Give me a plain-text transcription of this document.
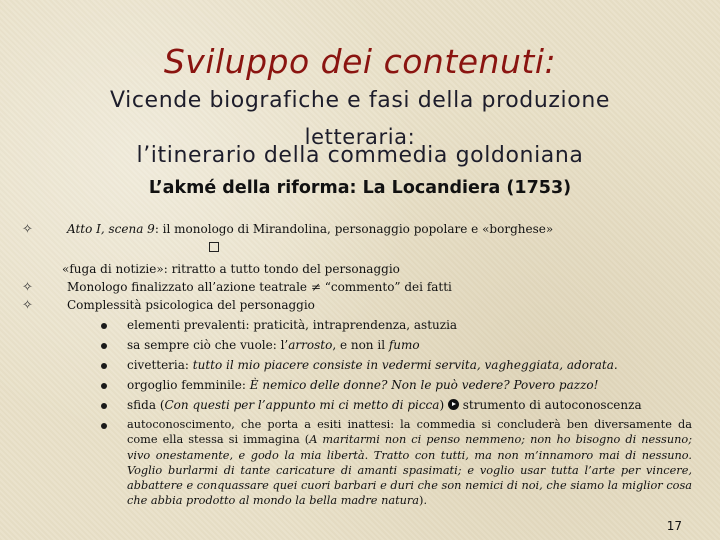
Sviluppo dei contenuti:
Vicende biografiche e fasi della produzione
letteraria:
l’itinerario della commedia goldoniana
L’akmé della riforma: La Locandiera (1753)
✧	Atto I, scena 9: il monologo di Mirandolina, personaggio popolare e «borghese»
«fuga di notizie»: ritratto a tutto tondo del personaggio
✧	Monologo finalizzato all’azione teatrale ≠ “commento” dei fatti
✧	Complessità psicologica del personaggio
elementi prevalenti: praticità, intraprendenza, astuzia
sa sempre ciò che vuole: l’arrosto, e non il fumo
civetteria: tutto il mio piacere consiste in vedermi servita, vagheggiata, adorata.
orgoglio femminile: È nemico delle donne? Non le può vedere? Povero pazzo!
sfida (Con questi per l’appunto mi ci metto di picca)  strumento di autoconoscenza
autoconoscimento, che porta a esiti inattesi: la commedia si concluderà ben diversamente da come ella stessa si immagina (A maritarmi non ci penso nemmeno; non ho bisogno di nessuno; vivo onestamente, e godo la mia libertà. Tratto con tutti, ma non m’innamoro mai di nessuno. Voglio burlarmi di tante caricature di amanti spasimati; e voglio usar tutta l’arte per vincere, abbattere e conquassare quei cuori barbari e duri che son nemici di noi, che siamo la miglior cosa che abbia prodotto al mondo la bella madre natura).
17
